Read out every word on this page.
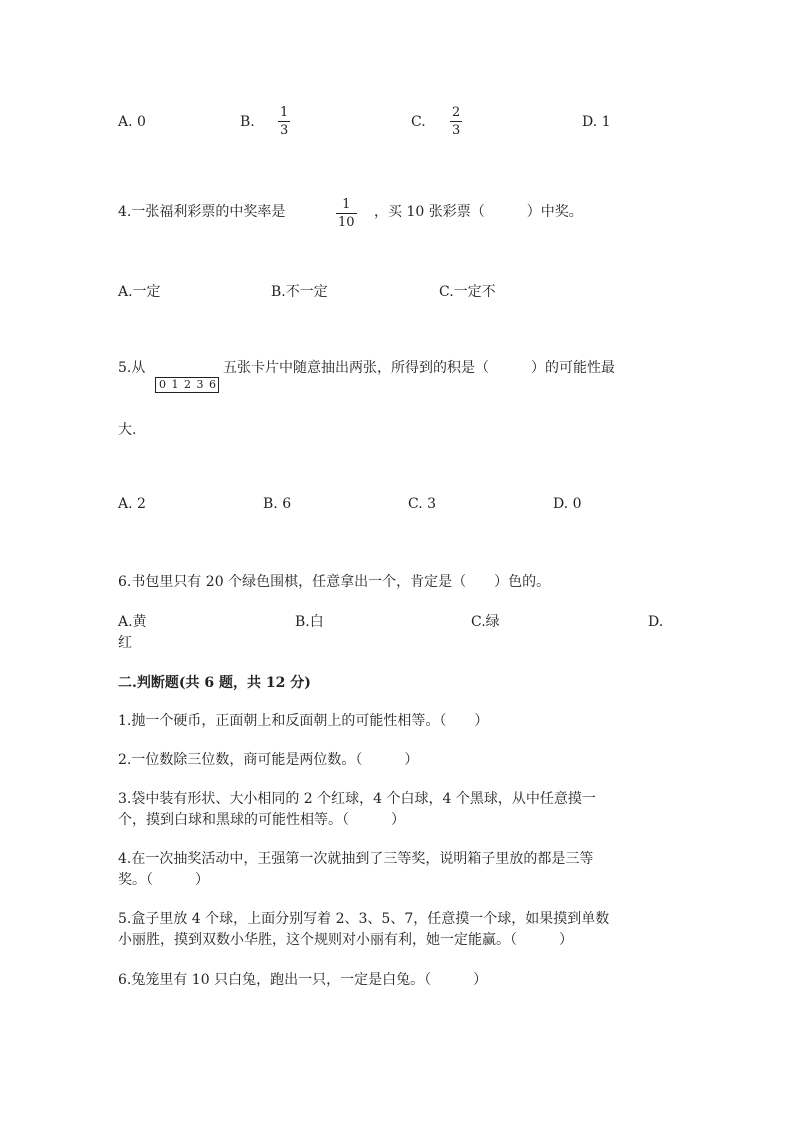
A. 0	B.
1
3
C.
2
3
D. 1
4.一张福利彩票的中奖率是	1
10
，买 10 张彩票（　　　）中奖。
A.一定	B.不一定	C.一定不
5.从
0 1 2 3 6
五张卡片中随意抽出两张，所得到的积是（　　　）的可能性最
大.
A. 2	B. 6	C. 3	D. 0
6.书包里只有 20 个绿色围棋，任意拿出一个，肯定是（　　）色的。
A.黄	B.白	C.绿	D.
红
二.判断题(共 6 题，共 12 分)
1.抛一个硬币，正面朝上和反面朝上的可能性相等。（　　）
2.一位数除三位数，商可能是两位数。（　　　）
3.袋中装有形状、大小相同的 2 个红球，4 个白球，4 个黑球，从中任意摸一
个，摸到白球和黑球的可能性相等。（　　　）
4.在一次抽奖活动中，王强第一次就抽到了三等奖，说明箱子里放的都是三等
奖。（　　　）
5.盒子里放 4 个球，上面分别写着 2、3、5、7，任意摸一个球，如果摸到单数
小丽胜，摸到双数小华胜，这个规则对小丽有利，她一定能赢。（　　　）
6.兔笼里有 10 只白兔，跑出一只，一定是白兔。（　　　）
